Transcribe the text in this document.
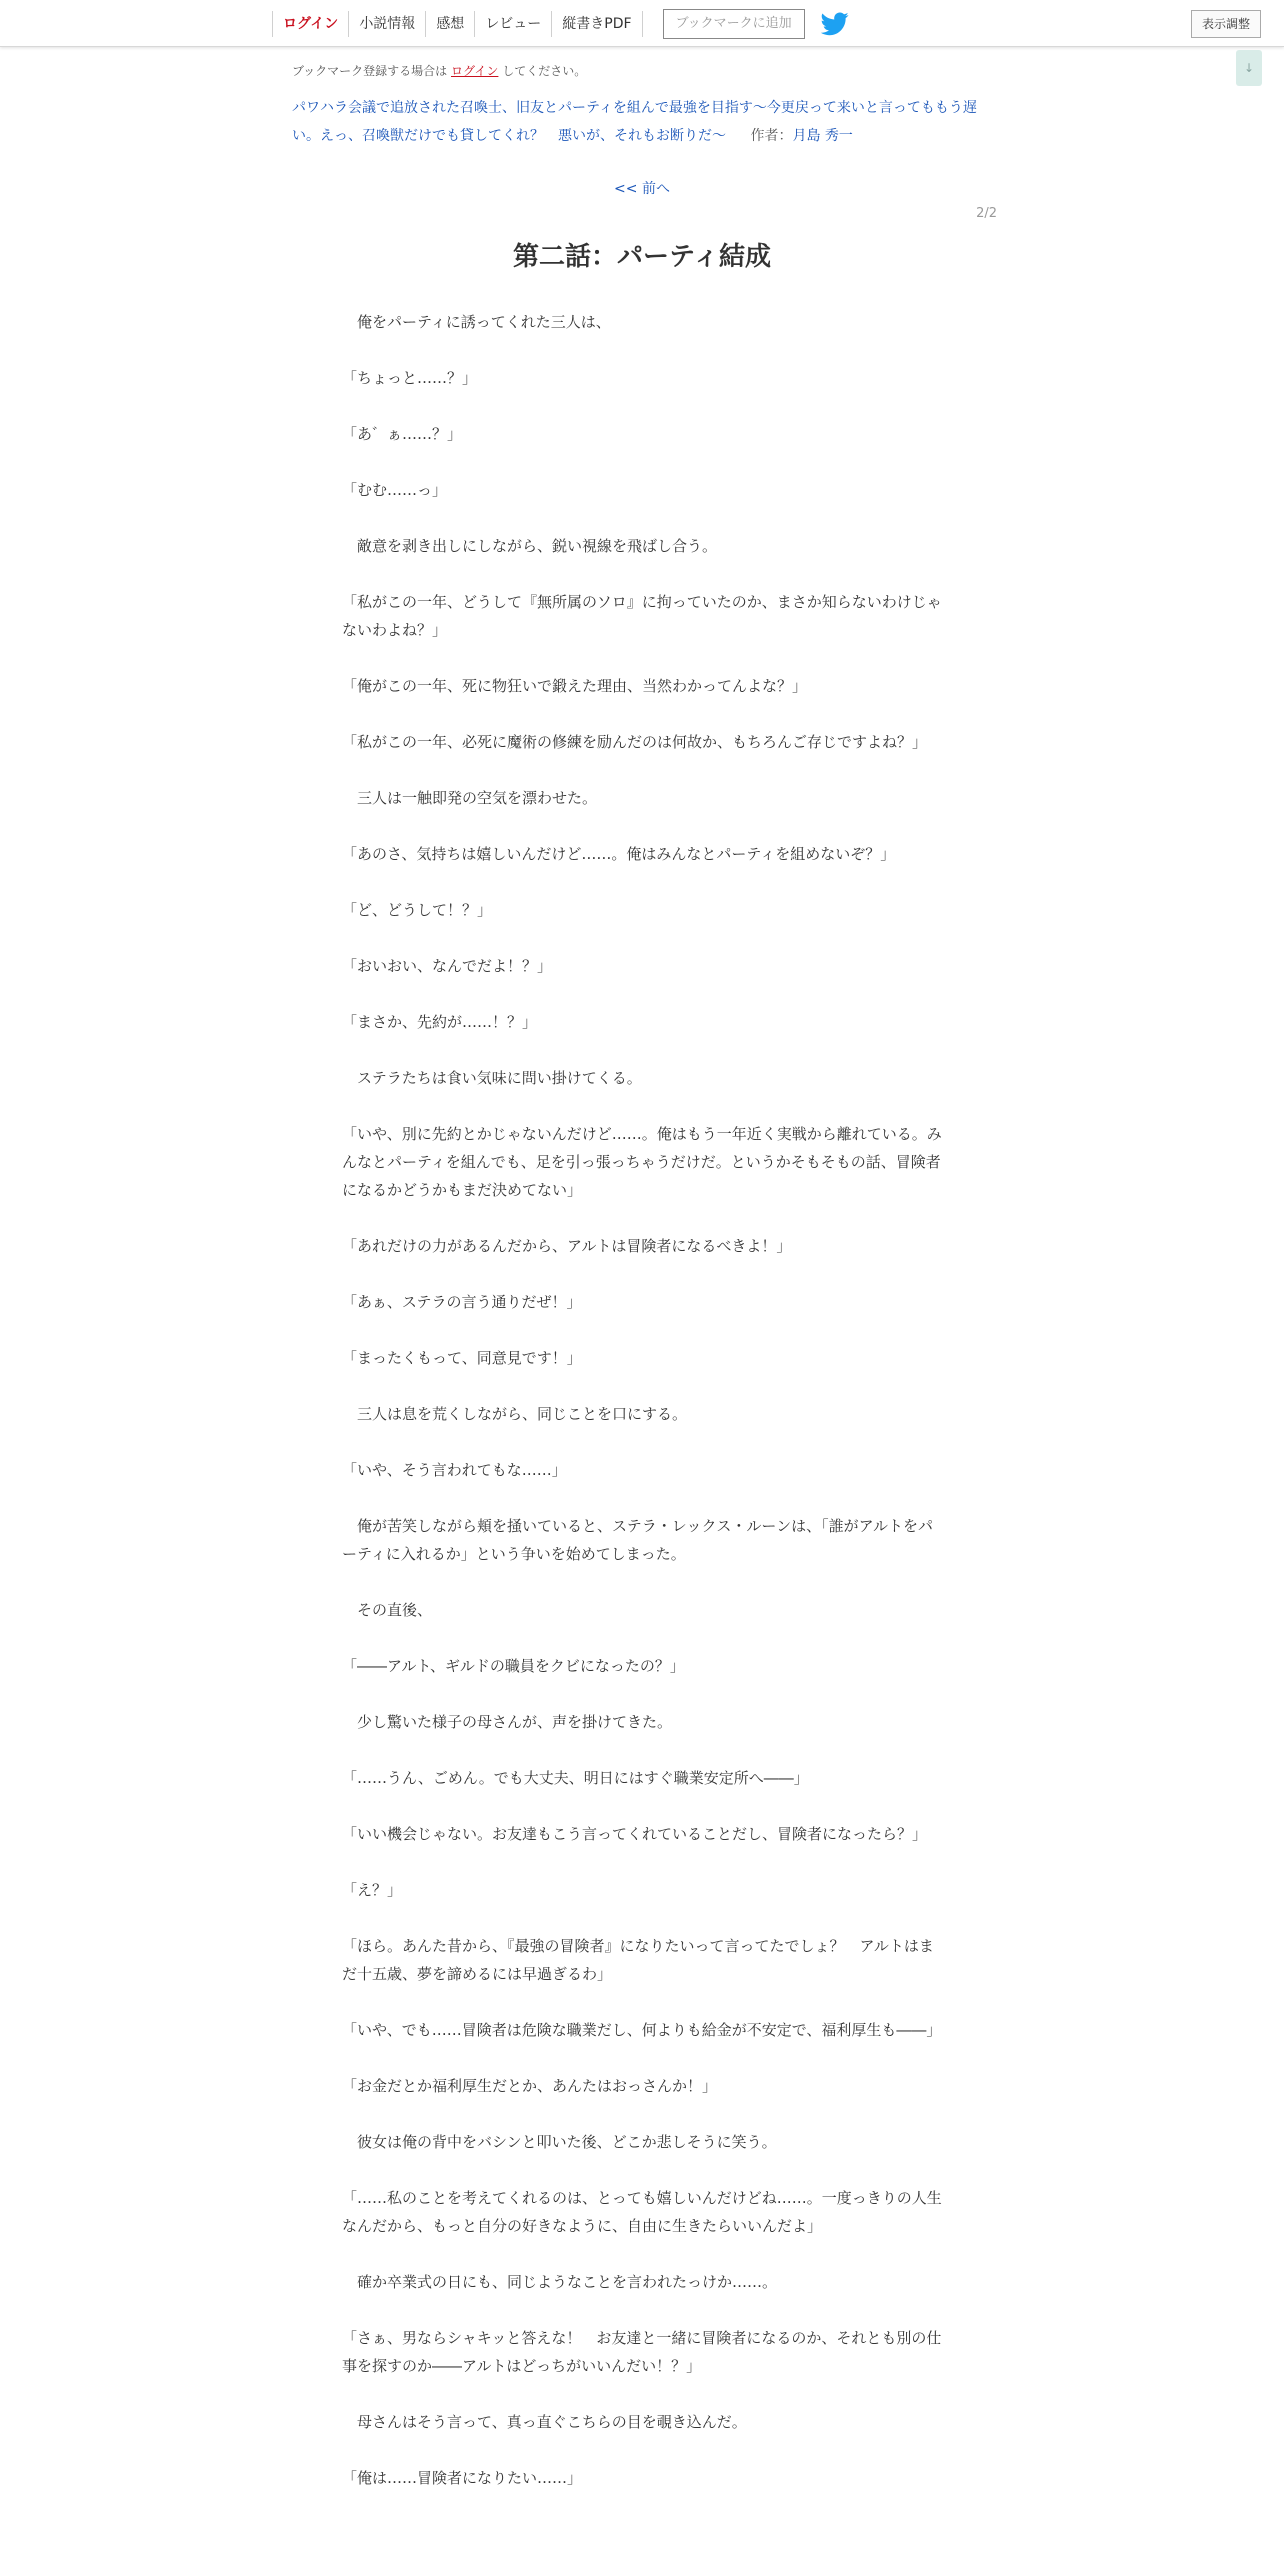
ログイン	小説情報	感想	レビュー	縦書きPDF	ブックマークに追加	表示調整
↓
ブックマーク登録する場合は ログイン してください。
パワハラ会議で追放された召喚士、旧友とパーティを組んで最強を目指す～今更戻って来いと言ってももう遅い。えっ、召喚獣だけでも貸してくれ？　悪いが、それもお断りだ～ 作者：月島 秀一
<< 前へ
2/2
第二話：パーティ結成

　俺をパーティに誘ってくれた三人は、

「ちょっと……？」

「あ゛ぁ……？」

「むむ……っ」

　敵意を剥き出しにしながら、鋭い視線を飛ばし合う。

「私がこの一年、どうして『無所属のソロ』に拘っていたのか、まさか知らないわけじゃないわよね？」

「俺がこの一年、死に物狂いで鍛えた理由、当然わかってんよな？」

「私がこの一年、必死に魔術の修練を励んだのは何故か、もちろんご存じですよね？」

　三人は一触即発の空気を漂わせた。

「あのさ、気持ちは嬉しいんだけど……。俺はみんなとパーティを組めないぞ？」

「ど、どうして！？」

「おいおい、なんでだよ！？」

「まさか、先約が……！？」

　ステラたちは食い気味に問い掛けてくる。

「いや、別に先約とかじゃないんだけど……。俺はもう一年近く実戦から離れている。みんなとパーティを組んでも、足を引っ張っちゃうだけだ。というかそもそもの話、冒険者になるかどうかもまだ決めてない」

「あれだけの力があるんだから、アルトは冒険者になるべきよ！」

「あぁ、ステラの言う通りだぜ！」

「まったくもって、同意見です！」

　三人は息を荒くしながら、同じことを口にする。

「いや、そう言われてもな……」

　俺が苦笑しながら頬を掻いていると、ステラ・レックス・ルーンは、「誰がアルトをパーティに入れるか」という争いを始めてしまった。

　その直後、

「――アルト、ギルドの職員をクビになったの？」

　少し驚いた様子の母さんが、声を掛けてきた。

「……うん、ごめん。でも大丈夫、明日にはすぐ職業安定所へ――」

「いい機会じゃない。お友達もこう言ってくれていることだし、冒険者になったら？」

「え？」

「ほら。あんた昔から、『最強の冒険者』になりたいって言ってたでしょ？　アルトはまだ十五歳、夢を諦めるには早過ぎるわ」

「いや、でも……冒険者は危険な職業だし、何よりも給金が不安定で、福利厚生も――」

「お金だとか福利厚生だとか、あんたはおっさんか！」

　彼女は俺の背中をバシンと叩いた後、どこか悲しそうに笑う。

「……私のことを考えてくれるのは、とっても嬉しいんだけどね……。一度っきりの人生なんだから、もっと自分の好きなように、自由に生きたらいいんだよ」

　確か卒業式の日にも、同じようなことを言われたっけか……。

「さぁ、男ならシャキッと答えな！　お友達と一緒に冒険者になるのか、それとも別の仕事を探すのか――アルトはどっちがいいんだい！？」

　母さんはそう言って、真っ直ぐこちらの目を覗き込んだ。

「俺は……冒険者になりたい……」
